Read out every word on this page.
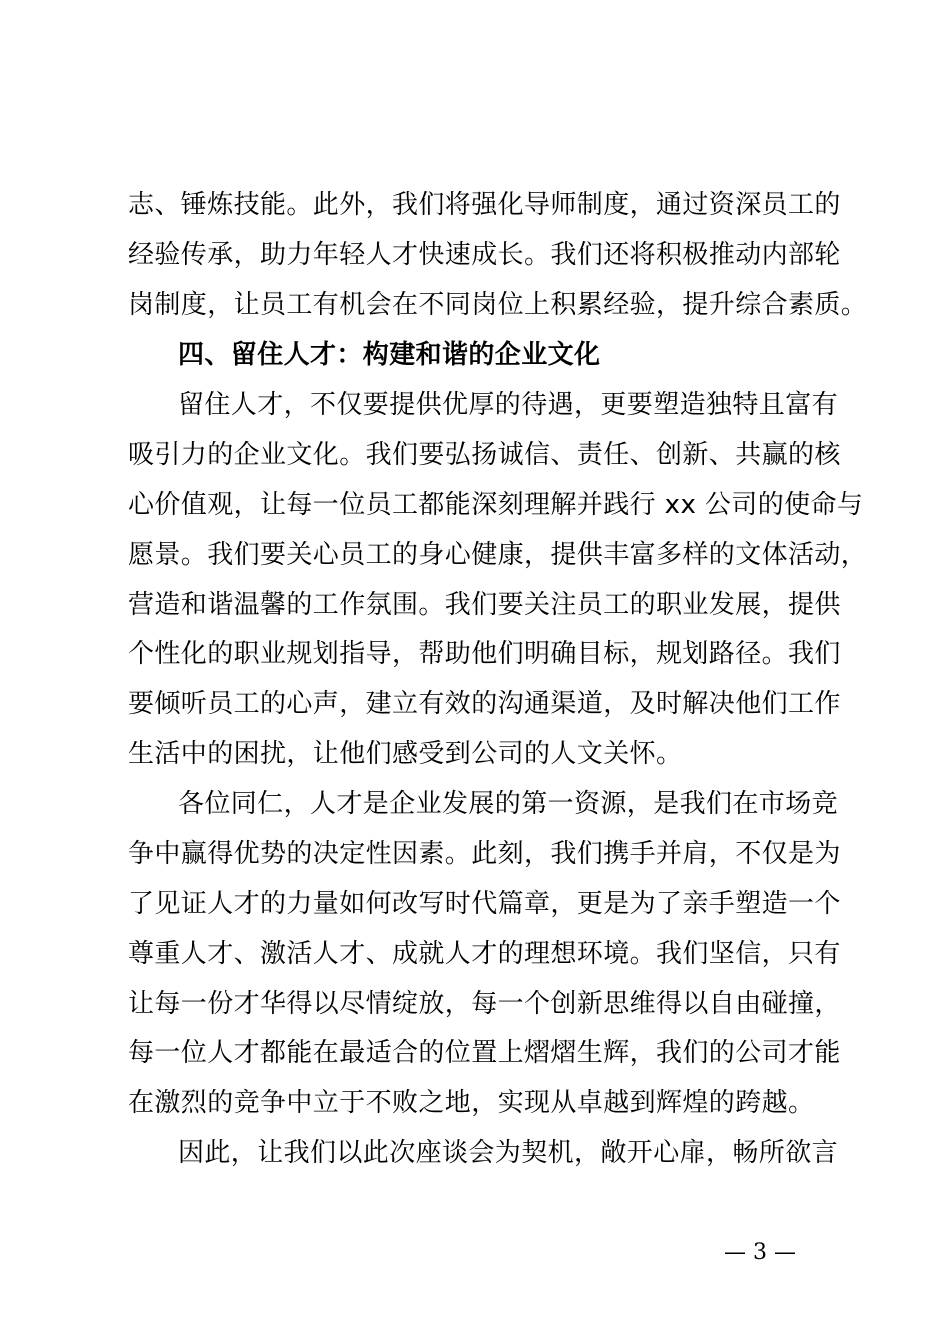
志、锤炼技能。此外，我们将强化导师制度，通过资深员工的
经验传承，助力年轻人才快速成长。我们还将积极推动内部轮
岗制度，让员工有机会在不同岗位上积累经验，提升综合素质。
四、留住人才：构建和谐的企业文化
留住人才，不仅要提供优厚的待遇，更要塑造独特且富有
吸引力的企业文化。我们要弘扬诚信、责任、创新、共赢的核
心价值观，让每一位员工都能深刻理解并践行 xx 公司的使命与
愿景。我们要关心员工的身心健康，提供丰富多样的文体活动，
营造和谐温馨的工作氛围。我们要关注员工的职业发展，提供
个性化的职业规划指导，帮助他们明确目标，规划路径。我们
要倾听员工的心声，建立有效的沟通渠道，及时解决他们工作
生活中的困扰，让他们感受到公司的人文关怀。
各位同仁，人才是企业发展的第一资源，是我们在市场竞
争中赢得优势的决定性因素。此刻，我们携手并肩，不仅是为
了见证人才的力量如何改写时代篇章，更是为了亲手塑造一个
尊重人才、激活人才、成就人才的理想环境。我们坚信，只有
让每一份才华得以尽情绽放，每一个创新思维得以自由碰撞，
每一位人才都能在最适合的位置上熠熠生辉，我们的公司才能
在激烈的竞争中立于不败之地，实现从卓越到辉煌的跨越。
因此，让我们以此次座谈会为契机，敞开心扉，畅所欲言
— 3 —
